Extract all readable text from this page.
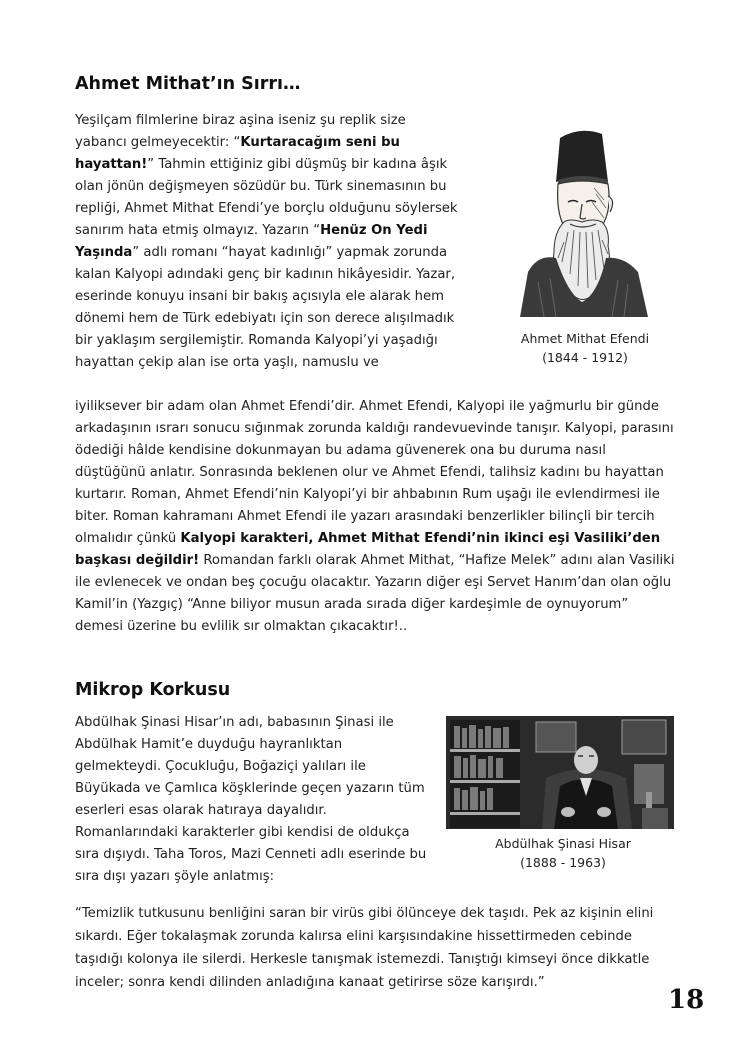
Ahmet Mithat’ın Sırrı…

Yeşilçam filmlerine biraz aşina iseniz şu replik size yabancı gelmeyecektir: “Kurtaracağım seni bu hayattan!” Tahmin ettiğiniz gibi düşmüş bir kadına âşık olan jönün değişmeyen sözüdür bu. Türk sinemasının bu repliği, Ahmet Mithat Efendi’ye borçlu olduğunu söylersek sanırım hata etmiş olmayız. Yazarın “Henüz On Yedi Yaşında” adlı romanı “hayat kadınlığı” yapmak zorunda kalan Kalyopi adındaki genç bir kadının hikâyesidir. Yazar, eserinde konuyu insani bir bakış açısıyla ele alarak hem dönemi hem de Türk edebiyatı için son derece alışılmadık bir yaklaşım sergilemiştir. Romanda Kalyopi’yi yaşadığı hayattan çekip alan ise orta yaşlı, namuslu ve

iyiliksever bir adam olan Ahmet Efendi’dir. Ahmet Efendi, Kalyopi ile yağmurlu bir günde arkadaşının ısrarı sonucu sığınmak zorunda kaldığı randevuevinde tanışır. Kalyopi, parasını ödediği hâlde kendisine dokunmayan bu adama güvenerek ona bu duruma nasıl düştüğünü anlatır. Sonrasında beklenen olur ve Ahmet Efendi, talihsiz kadını bu hayattan kurtarır. Roman, Ahmet Efendi’nin Kalyopi’yi bir ahbabının Rum uşağı ile evlendirmesi ile biter. Roman kahramanı Ahmet Efendi ile yazarı arasındaki benzerlikler bilinçli bir tercih olmalıdır çünkü Kalyopi karakteri, Ahmet Mithat Efendi’nin ikinci eşi Vasiliki’den başkası değildir! Romandan farklı olarak Ahmet Mithat, “Hafize Melek” adını alan Vasiliki ile evlenecek ve ondan beş çocuğu olacaktır. Yazarın diğer eşi Servet Hanım’dan olan oğlu Kamil’in (Yazgıç) “Anne biliyor musun arada sırada diğer kardeşimle de oynuyorum” demesi üzerine bu evlilik sır olmaktan çıkacaktır!..

Ahmet Mithat Efendi
(1844 - 1912)
Mikrop Korkusu

Abdülhak Şinasi Hisar’ın adı, babasının Şinasi ile Abdülhak Hamit’e duyduğu hayranlıktan gelmekteydi. Çocukluğu, Boğaziçi yalıları ile Büyükada ve Çamlıca köşklerinde geçen yazarın tüm eserleri esas olarak hatıraya dayalıdır. Romanlarındaki karakterler gibi kendisi de oldukça sıra dışıydı. Taha Toros, Mazi Cenneti adlı eserinde bu sıra dışı yazarı şöyle anlatmış:

Abdülhak Şinasi Hisar
(1888 - 1963)

“Temizlik tutkusunu benliğini saran bir virüs gibi ölünceye dek taşıdı. Pek az kişinin elini sıkardı. Eğer tokalaşmak zorunda kalırsa elini karşısındakine hissettirmeden cebinde taşıdığı kolonya ile silerdi. Herkesle tanışmak istemezdi. Tanıştığı kimseyi önce dikkatle inceler; sonra kendi dilinden anladığına kanaat getirirse söze karışırdı.”

18
